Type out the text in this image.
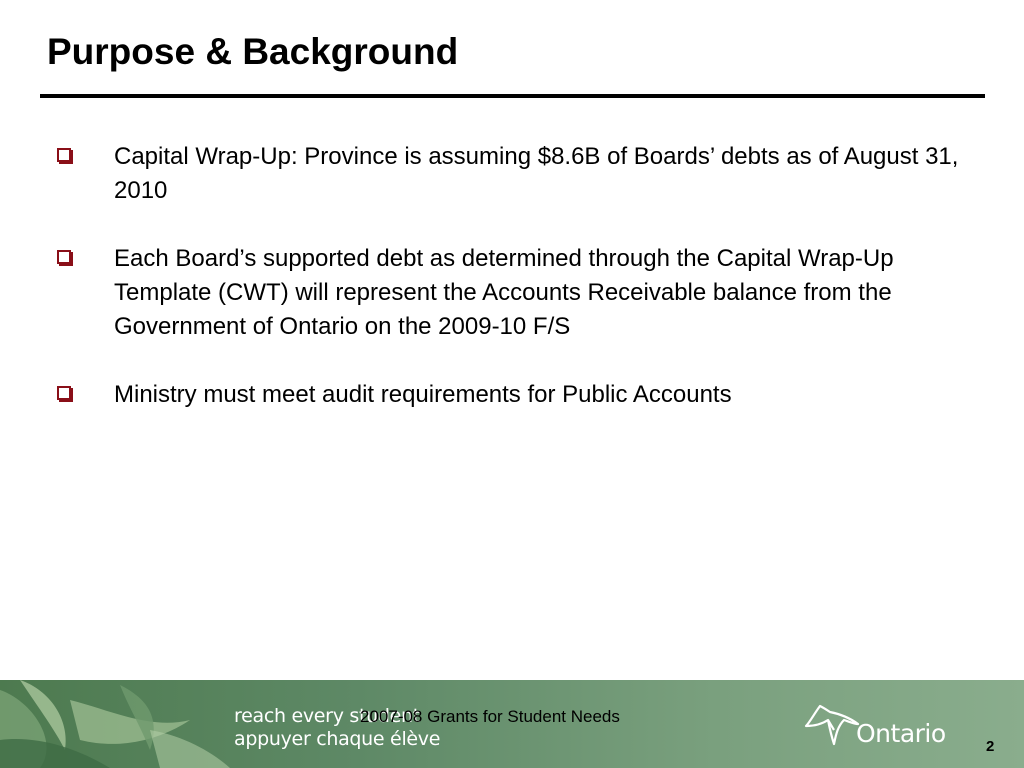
Purpose & Background
Capital Wrap-Up: Province is assuming $8.6B of Boards’ debts as of August 31, 2010
Each Board’s supported debt as determined through the Capital Wrap-Up Template (CWT) will represent the Accounts Receivable balance from the Government of Ontario on the 2009-10 F/S
Ministry must meet audit requirements for Public Accounts
reach every student
appuyer chaque élève
2007-08 Grants for Student Needs
Ontario	2
